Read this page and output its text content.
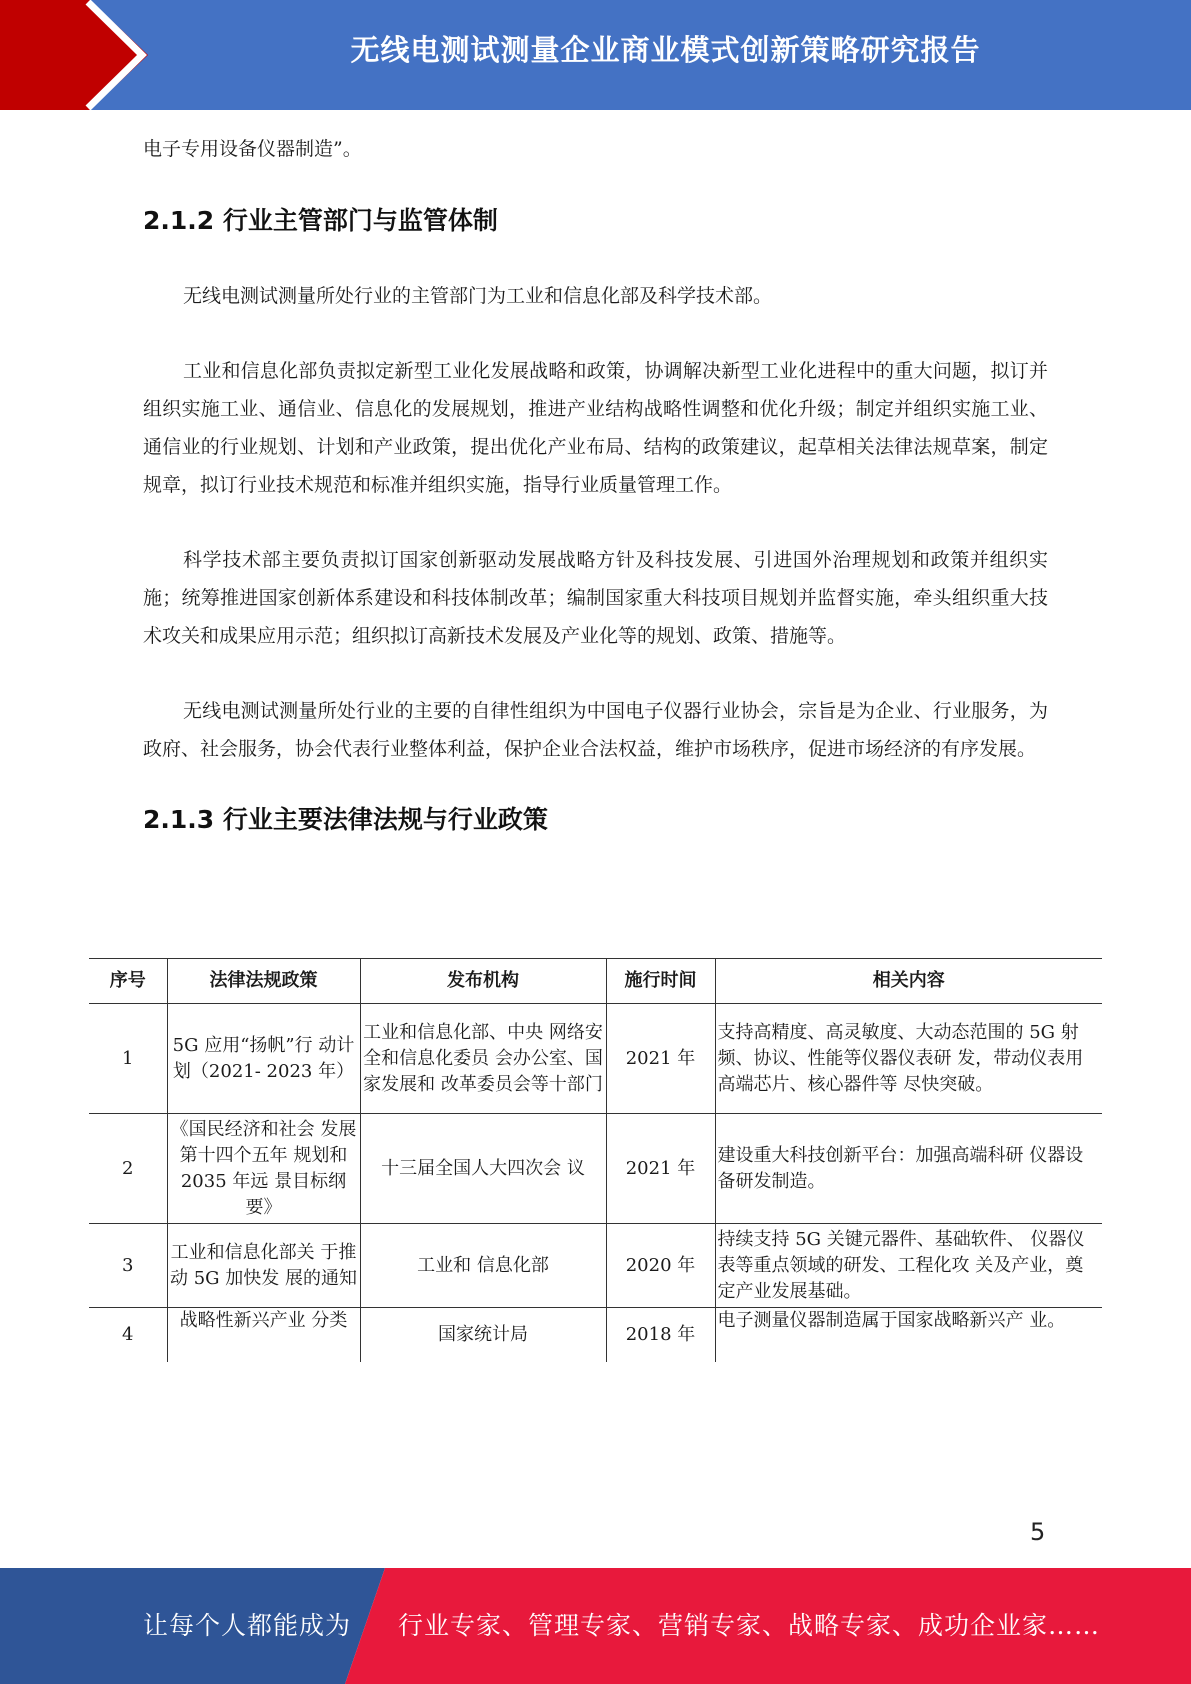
无线电测试测量企业商业模式创新策略研究报告

电子专用设备仪器制造”。

2.1.2 行业主管部门与监管体制

无线电测试测量所处行业的主管部门为工业和信息化部及科学技术部。

工业和信息化部负责拟定新型工业化发展战略和政策，协调解决新型工业化进程中的重大问题，拟订并组织实施工业、通信业、信息化的发展规划，推进产业结构战略性调整和优化升级；制定并组织实施工业、通信业的行业规划、计划和产业政策，提出优化产业布局、结构的政策建议，起草相关法律法规草案，制定规章，拟订行业技术规范和标准并组织实施，指导行业质量管理工作。

科学技术部主要负责拟订国家创新驱动发展战略方针及科技发展、引进国外治理规划和政策并组织实施；统筹推进国家创新体系建设和科技体制改革；编制国家重大科技项目规划并监督实施，牵头组织重大技术攻关和成果应用示范；组织拟订高新技术发展及产业化等的规划、政策、措施等。

无线电测试测量所处行业的主要的自律性组织为中国电子仪器行业协会，宗旨是为企业、行业服务，为政府、社会服务，协会代表行业整体利益，保护企业合法权益，维护市场秩序，促进市场经济的有序发展。

2.1.3 行业主要法律法规与行业政策
序号	法律法规政策	发布机构	施行时间	相关内容
1	5G 应用“扬帆”行 动计划（2021- 2023 年）	工业和信息化部、中央 网络安全和信息化委员 会办公室、国家发展和 改革委员会等十部门	2021 年	支持高精度、高灵敏度、大动态范围的 5G 射频、协议、性能等仪器仪表研 发，带动仪表用高端芯片、核心器件等 尽快突破。
2	《国民经济和社会 发展第十四个五年 规划和 2035 年远 景目标纲要》	十三届全国人大四次会 议	2021 年	建设重大科技创新平台：加强高端科研 仪器设备研发制造。
3	工业和信息化部关 于推动 5G 加快发 展的通知	工业和 信息化部	2020 年	持续支持 5G 关键元器件、基础软件、 仪器仪表等重点领域的研发、工程化攻 关及产业，奠定产业发展基础。
4	战略性新兴产业 分类	国家统计局	2018 年	电子测量仪器制造属于国家战略新兴产 业。
5
让每个人都能成为 行业专家、管理专家、营销专家、战略专家、成功企业家……
